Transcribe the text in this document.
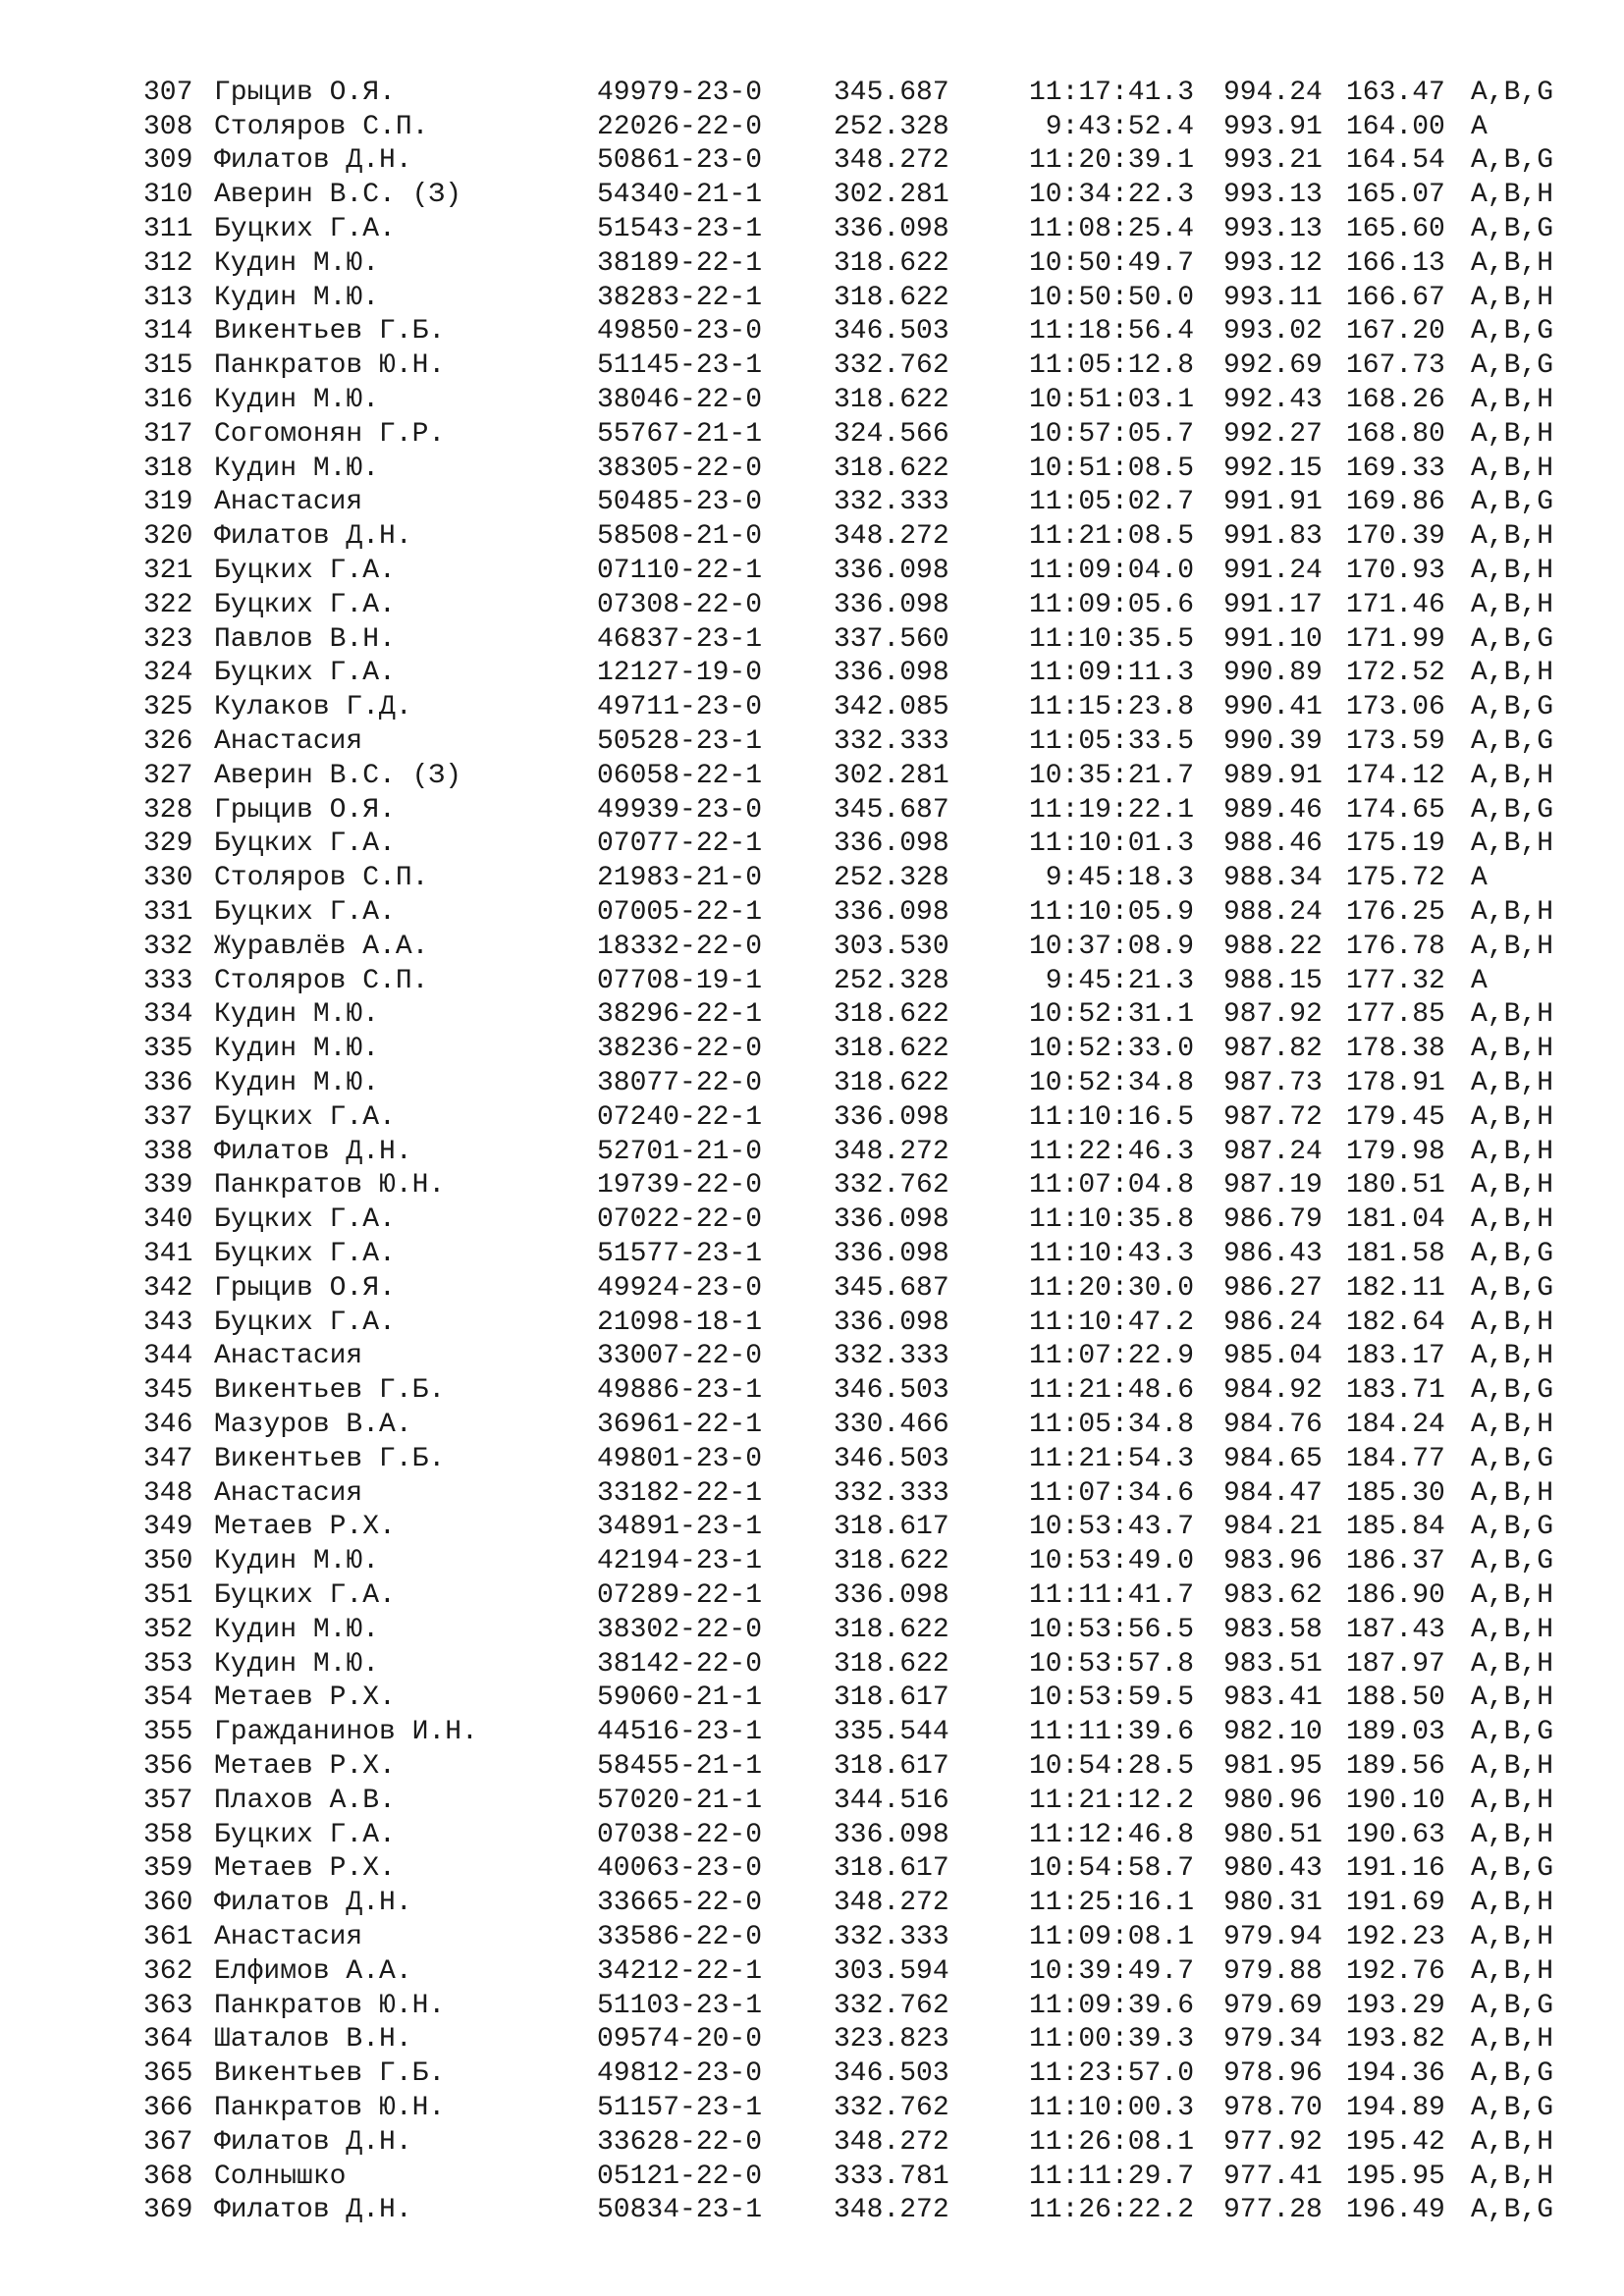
307 Грыцив О.Я.	49979-23-0	345.687	11:17:41.3 994.24 163.47 A,B,G
308 Столяров С.П.	22026-22-0	252.328	9:43:52.4 993.91 164.00 A
309 Филатов Д.Н.	50861-23-0	348.272	11:20:39.1 993.21 164.54 A,B,G
310 Аверин В.С. (З)	54340-21-1	302.281	10:34:22.3 993.13 165.07 A,B,H
311 Буцких Г.А.	51543-23-1	336.098	11:08:25.4 993.13 165.60 A,B,G
312 Кудин М.Ю.	38189-22-1	318.622	10:50:49.7 993.12 166.13 A,B,H
313 Кудин М.Ю.	38283-22-1	318.622	10:50:50.0 993.11 166.67 A,B,H
314 Викентьев Г.Б.	49850-23-0	346.503	11:18:56.4 993.02 167.20 A,B,G
315 Панкратов Ю.Н.	51145-23-1	332.762	11:05:12.8 992.69 167.73 A,B,G
316 Кудин М.Ю.	38046-22-0	318.622	10:51:03.1 992.43 168.26 A,B,H
317 Согомонян Г.Р.	55767-21-1	324.566	10:57:05.7 992.27 168.80 A,B,H
318 Кудин М.Ю.	38305-22-0	318.622	10:51:08.5 992.15 169.33 A,B,H
319 Анастасия	50485-23-0	332.333	11:05:02.7 991.91 169.86 A,B,G
320 Филатов Д.Н.	58508-21-0	348.272	11:21:08.5 991.83 170.39 A,B,H
321 Буцких Г.А.	07110-22-1	336.098	11:09:04.0 991.24 170.93 A,B,H
322 Буцких Г.А.	07308-22-0	336.098	11:09:05.6 991.17 171.46 A,B,H
323 Павлов В.Н.	46837-23-1	337.560	11:10:35.5 991.10 171.99 A,B,G
324 Буцких Г.А.	12127-19-0	336.098	11:09:11.3 990.89 172.52 A,B,H
325 Кулаков Г.Д.	49711-23-0	342.085	11:15:23.8 990.41 173.06 A,B,G
326 Анастасия	50528-23-1	332.333	11:05:33.5 990.39 173.59 A,B,G
327 Аверин В.С. (З)	06058-22-1	302.281	10:35:21.7 989.91 174.12 A,B,H
328 Грыцив О.Я.	49939-23-0	345.687	11:19:22.1 989.46 174.65 A,B,G
329 Буцких Г.А.	07077-22-1	336.098	11:10:01.3 988.46 175.19 A,B,H
330 Столяров С.П.	21983-21-0	252.328	9:45:18.3 988.34 175.72 A
331 Буцких Г.А.	07005-22-1	336.098	11:10:05.9 988.24 176.25 A,B,H
332 Журавлёв А.А.	18332-22-0	303.530	10:37:08.9 988.22 176.78 A,B,H
333 Столяров С.П.	07708-19-1	252.328	9:45:21.3 988.15 177.32 A
334 Кудин М.Ю.	38296-22-1	318.622	10:52:31.1 987.92 177.85 A,B,H
335 Кудин М.Ю.	38236-22-0	318.622	10:52:33.0 987.82 178.38 A,B,H
336 Кудин М.Ю.	38077-22-0	318.622	10:52:34.8 987.73 178.91 A,B,H
337 Буцких Г.А.	07240-22-1	336.098	11:10:16.5 987.72 179.45 A,B,H
338 Филатов Д.Н.	52701-21-0	348.272	11:22:46.3 987.24 179.98 A,B,H
339 Панкратов Ю.Н.	19739-22-0	332.762	11:07:04.8 987.19 180.51 A,B,H
340 Буцких Г.А.	07022-22-0	336.098	11:10:35.8 986.79 181.04 A,B,H
341 Буцких Г.А.	51577-23-1	336.098	11:10:43.3 986.43 181.58 A,B,G
342 Грыцив О.Я.	49924-23-0	345.687	11:20:30.0 986.27 182.11 A,B,G
343 Буцких Г.А.	21098-18-1	336.098	11:10:47.2 986.24 182.64 A,B,H
344 Анастасия	33007-22-0	332.333	11:07:22.9 985.04 183.17 A,B,H
345 Викентьев Г.Б.	49886-23-1	346.503	11:21:48.6 984.92 183.71 A,B,G
346 Мазуров В.А.	36961-22-1	330.466	11:05:34.8 984.76 184.24 A,B,H
347 Викентьев Г.Б.	49801-23-0	346.503	11:21:54.3 984.65 184.77 A,B,G
348 Анастасия	33182-22-1	332.333	11:07:34.6 984.47 185.30 A,B,H
349 Метаев Р.Х.	34891-23-1	318.617	10:53:43.7 984.21 185.84 A,B,G
350 Кудин М.Ю.	42194-23-1	318.622	10:53:49.0 983.96 186.37 A,B,G
351 Буцких Г.А.	07289-22-1	336.098	11:11:41.7 983.62 186.90 A,B,H
352 Кудин М.Ю.	38302-22-0	318.622	10:53:56.5 983.58 187.43 A,B,H
353 Кудин М.Ю.	38142-22-0	318.622	10:53:57.8 983.51 187.97 A,B,H
354 Метаев Р.Х.	59060-21-1	318.617	10:53:59.5 983.41 188.50 A,B,H
355 Гражданинов И.Н.	44516-23-1	335.544	11:11:39.6 982.10 189.03 A,B,G
356 Метаев Р.Х.	58455-21-1	318.617	10:54:28.5 981.95 189.56 A,B,H
357 Плахов А.В.	57020-21-1	344.516	11:21:12.2 980.96 190.10 A,B,H
358 Буцких Г.А.	07038-22-0	336.098	11:12:46.8 980.51 190.63 A,B,H
359 Метаев Р.Х.	40063-23-0	318.617	10:54:58.7 980.43 191.16 A,B,G
360 Филатов Д.Н.	33665-22-0	348.272	11:25:16.1 980.31 191.69 A,B,H
361 Анастасия	33586-22-0	332.333	11:09:08.1 979.94 192.23 A,B,H
362 Елфимов А.А.	34212-22-1	303.594	10:39:49.7 979.88 192.76 A,B,H
363 Панкратов Ю.Н.	51103-23-1	332.762	11:09:39.6 979.69 193.29 A,B,G
364 Шаталов В.Н.	09574-20-0	323.823	11:00:39.3 979.34 193.82 A,B,H
365 Викентьев Г.Б.	49812-23-0	346.503	11:23:57.0 978.96 194.36 A,B,G
366 Панкратов Ю.Н.	51157-23-1	332.762	11:10:00.3 978.70 194.89 A,B,G
367 Филатов Д.Н.	33628-22-0	348.272	11:26:08.1 977.92 195.42 A,B,H
368 Солнышко	05121-22-0	333.781	11:11:29.7 977.41 195.95 A,B,H
369 Филатов Д.Н.	50834-23-1	348.272	11:26:22.2 977.28 196.49 A,B,G
